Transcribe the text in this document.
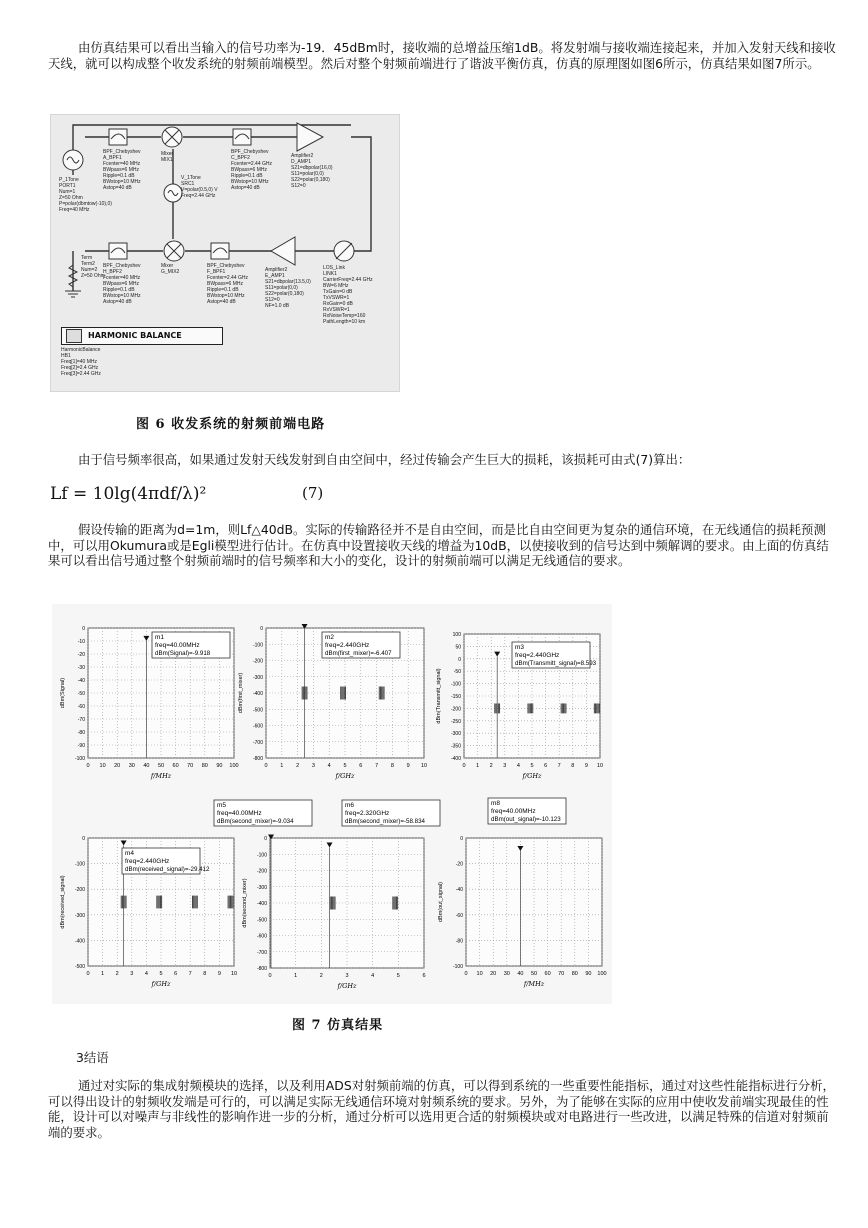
由仿真结果可以看出当输入的信号功率为-19．45dBm时，接收端的总增益压缩1dB。将发射端与接收端连接起来，并加入发射天线和接收天线，就可以构成整个收发系统的射频前端模型。然后对整个射频前端进行了谐波平衡仿真，仿真的原理图如图6所示，仿真结果如图7所示。

P_1Tone
PORT1
Num=1
Z=50 Ohm
P=polar(dbmtow(-10),0)
Freq=40 MHz
BPF_Chebyshev
A_BPF1
Fcenter=40 MHz
BWpass=6 MHz
Ripple=0.1 dB
BWstop=10 MHz
Astop=40 dB
Mixer
MIX1
V_1Tone
SRC1
V=polar(0.5,0) V
Freq=2.44 GHz
BPF_Chebyshev
C_BPF2
Fcenter=2.44 GHz
BWpass=6 MHz
Ripple=0.1 dB
BWstop=10 MHz
Astop=40 dB
Amplifier2
D_AMP1
S21=dbpolar(16,0)
S11=polar(0,0)
S22=polar(0,180)
S12=0
Term
Term2
Num=2
Z=50 Ohm
BPF_Chebyshev
H_BPF2
Fcenter=40 MHz
BWpass=6 MHz
Ripple=0.1 dB
BWstop=10 MHz
Astop=40 dB
Mixer
G_MIX2
BPF_Chebyshev
F_BPF1
Fcenter=2.44 GHz
BWpass=6 MHz
Ripple=0.1 dB
BWstop=10 MHz
Astop=40 dB
Amplifier2
E_AMP1
S21=dbpolar(13.5,0)
S11=polar(0,0)
S22=polar(0,180)
S12=0
NF=1.0 dB
LOS_Link
LINK1
CarrierFreq=2.44 GHz
BW=6 MHz
TxGain=0 dB
TxVSWR=1
RxGain=0 dB
RxVSWR=1
RxNoiseTemp=160
PathLength=10 km
HARMONIC BALANCE
HarmonicBalance
HB1
Freq[1]=40 MHz
Freq[2]=2.4 GHz
Freq[3]=2.44 GHz
图 6 收发系统的射频前端电路

由于信号频率很高，如果通过发射天线发射到自由空间中，经过传输会产生巨大的损耗，该损耗可由式(7)算出：

Lf = 10lg(4πdf/λ)²	(7)

假设传输的距离为d=1m，则Lf△40dB。实际的传输路径并不是自由空间，而是比自由空间更为复杂的通信环境，在无线通信的损耗预测中，可以用Okumura或是Egli模型进行估计。在仿真中设置接收天线的增益为10dB，以使接收到的信号达到中频解调的要求。由上面的仿真结果可以看出信号通过整个射频前端时的信号频率和大小的变化，设计的射频前端可以满足无线通信的要求。

0 10 20 30 40 50 60 70 80 90 100
0
-10
-20
-30
-40
-50
-60
-70
-80
-90
-100
f/MHz
dBm(Signal)
m1
freq=40.00MHz
dBm(Signal)=-9.918
0 1 2 3 4 5 6 7 8 9 10
0
-100
-200
-300
-400
-500
-600
-700
-800
f/GHz
dBm(first_mixer)
m2
freq=2.440GHz
dBm(first_mixer)=-6.407
0 1 2 3 4 5 6 7 8 9 10
100
50
0
-50
-100
-150
-200
-250
-300
-350
-400
f/GHz
dBm(Transmitt_signal)
m3
freq=2.440GHz
dBm(Transmitt_signal)=8.593
0 1 2 3 4 5 6 7 8 9 10
0
-100
-200
-300
-400
-500
f/GHz
dBm(received_signal)
m4
freq=2.440GHz
dBm(received_signal)=-29.412
0	1	2	3	4	5	6
0
-100
-200
-300
-400
-500
-600
-700
-800
f/GHz
dBm(second_mixer)
0 10 20 30 40 50 60 70 80 90 100
0
-20
-40
-60
-80
-100
f/MHz
dBm(out_signal)
m8
freq=40.00MHz
dBm(out_signal)=-10.123
m5
freq=40.00MHz
dBm(second_mixer)=-9.034
m6
freq=2.320GHz
dBm(second_mixer)=-58.834
图 7 仿真结果

3结语

通过对实际的集成射频模块的选择，以及利用ADS对射频前端的仿真，可以得到系统的一些重要性能指标，通过对这些性能指标进行分析，可以得出设计的射频收发端是可行的，可以满足实际无线通信环境对射频系统的要求。另外，为了能够在实际的应用中使收发前端实现最佳的性能，设计可以对噪声与非线性的影响作进一步的分析，通过分析可以选用更合适的射频模块或对电路进行一些改进，以满足特殊的信道对射频前端的要求。
